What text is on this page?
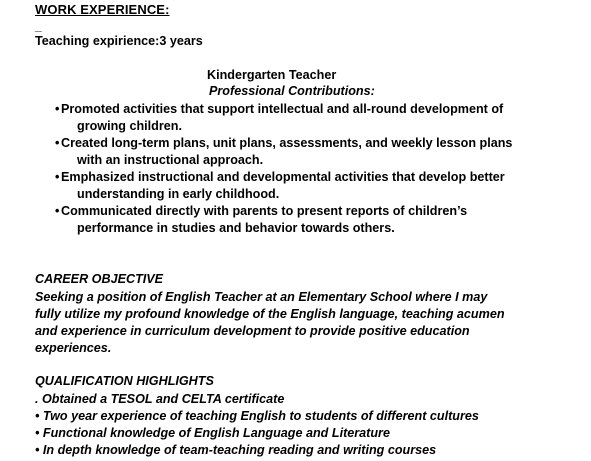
WORK EXPERIENCE:
_
Teaching expirience:3 years
Kindergarten Teacher
Professional Contributions:
• Promoted activities that support intellectual and all-round development of
growing children.
• Created long-term plans, unit plans, assessments, and weekly lesson plans
with an instructional approach.
• Emphasized instructional and developmental activities that develop better
understanding in early childhood.
• Communicated directly with parents to present reports of children’s
performance in studies and behavior towards others.
CAREER OBJECTIVE
Seeking a position of English Teacher at an Elementary School where I may
fully utilize my profound knowledge of the English language, teaching acumen
and experience in curriculum development to provide positive education
experiences.
QUALIFICATION HIGHLIGHTS
. Obtained a TESOL and CELTA certificate
• Two year experience of teaching English to students of different cultures
• Functional knowledge of English Language and Literature
• In depth knowledge of team-teaching reading and writing courses
